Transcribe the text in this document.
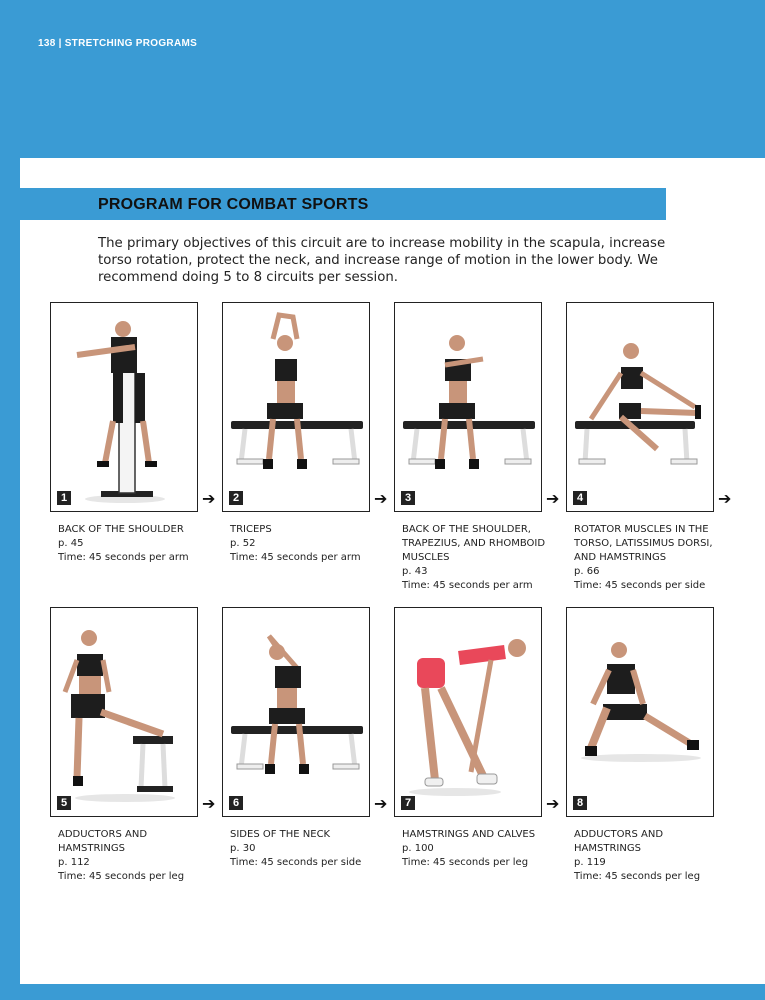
138 | STRETCHING PROGRAMS
PROGRAM FOR COMBAT SPORTS
The primary objectives of this circuit are to increase mobility in the scapula, increase torso rotation, protect the neck, and increase range of motion in the lower body. We recommend doing 5 to 8 circuits per session.
1	➔	2	➔	3	➔	4	➔
BACK OF THE SHOULDER
p. 45
Time: 45 seconds per arm
TRICEPS
p. 52
Time: 45 seconds per arm
BACK OF THE SHOULDER, TRAPEZIUS, AND RHOMBOID MUSCLES
p. 43
Time: 45 seconds per arm
ROTATOR MUSCLES IN THE TORSO, LATISSIMUS DORSI, AND HAMSTRINGS
p. 66
Time: 45 seconds per side
5	➔	6	➔	7	➔	8
ADDUCTORS AND HAMSTRINGS
p. 112
Time: 45 seconds per leg
SIDES OF THE NECK
p. 30
Time: 45 seconds per side
HAMSTRINGS AND CALVES
p. 100
Time: 45 seconds per leg
ADDUCTORS AND HAMSTRINGS
p. 119
Time: 45 seconds per leg
